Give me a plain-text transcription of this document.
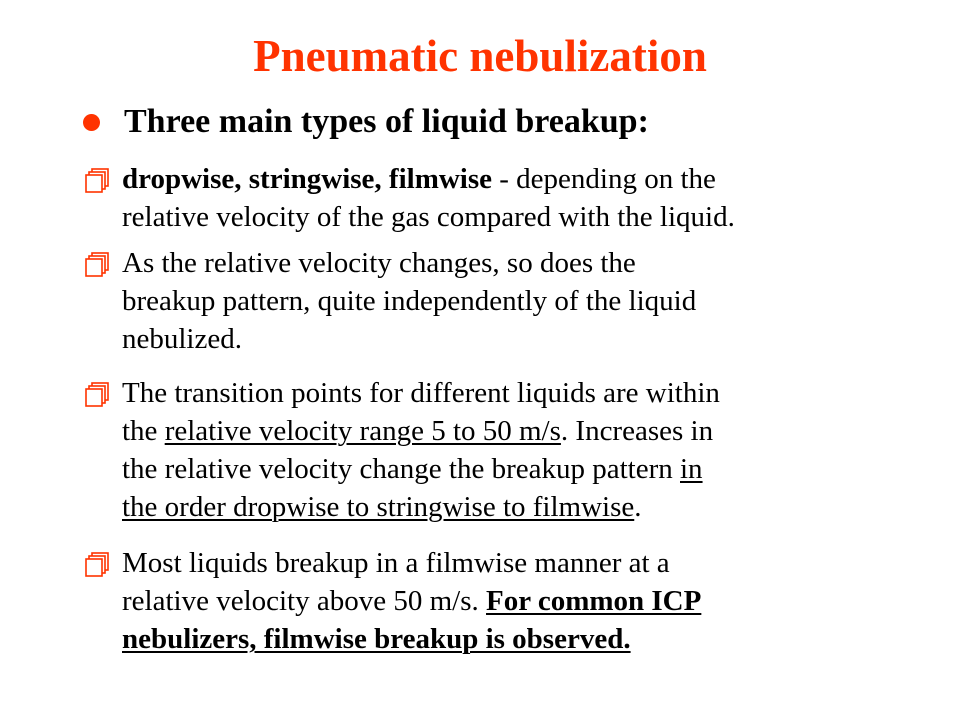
Pneumatic nebulization
Three main types of liquid breakup:
dropwise, stringwise, filmwise - depending on the
relative velocity of the gas compared with the liquid.
As the relative velocity changes, so does the
breakup pattern, quite independently of the liquid
nebulized.
The transition points for different liquids are within
the relative velocity range 5 to 50 m/s. Increases in
the relative velocity change the breakup pattern in
the order dropwise to stringwise to filmwise.
Most liquids breakup in a filmwise manner at a
relative velocity above 50 m/s. For common ICP
nebulizers, filmwise breakup is observed.
